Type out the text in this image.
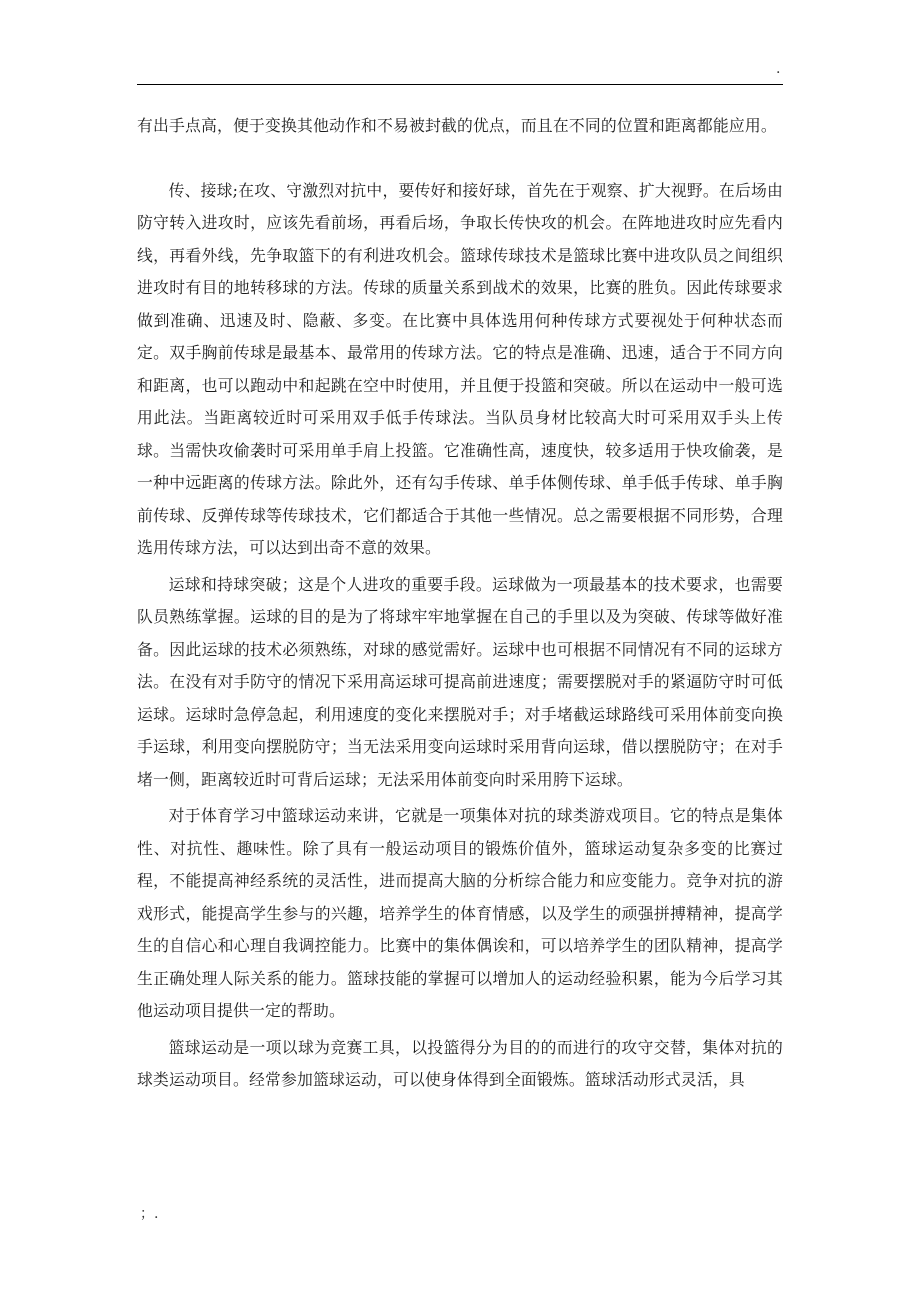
.

有出手点高，便于变换其他动作和不易被封截的优点，而且在不同的位置和距离都能应用。

传、接球;在攻、守激烈对抗中，要传好和接好球，首先在于观察、扩大视野。在后场由防守转入进攻时，应该先看前场，再看后场，争取长传快攻的机会。在阵地进攻时应先看内线，再看外线，先争取篮下的有利进攻机会。篮球传球技术是篮球比赛中进攻队员之间组织进攻时有目的地转移球的方法。传球的质量关系到战术的效果，比赛的胜负。因此传球要求做到准确、迅速及时、隐蔽、多变。在比赛中具体选用何种传球方式要视处于何种状态而定。双手胸前传球是最基本、最常用的传球方法。它的特点是准确、迅速，适合于不同方向和距离，也可以跑动中和起跳在空中时使用，并且便于投篮和突破。所以在运动中一般可选用此法。当距离较近时可采用双手低手传球法。当队员身材比较高大时可采用双手头上传球。当需快攻偷袭时可采用单手肩上投篮。它准确性高，速度快，较多适用于快攻偷袭，是一种中远距离的传球方法。除此外，还有勾手传球、单手体侧传球、单手低手传球、单手胸前传球、反弹传球等传球技术，它们都适合于其他一些情况。总之需要根据不同形势，合理选用传球方法，可以达到出奇不意的效果。

运球和持球突破；这是个人进攻的重要手段。运球做为一项最基本的技术要求，也需要队员熟练掌握。运球的目的是为了将球牢牢地掌握在自己的手里以及为突破、传球等做好准备。因此运球的技术必须熟练，对球的感觉需好。运球中也可根据不同情况有不同的运球方法。在没有对手防守的情况下采用高运球可提高前进速度；需要摆脱对手的紧逼防守时可低运球。运球时急停急起，利用速度的变化来摆脱对手；对手堵截运球路线可采用体前变向换手运球，利用变向摆脱防守；当无法采用变向运球时采用背向运球，借以摆脱防守；在对手堵一侧，距离较近时可背后运球；无法采用体前变向时采用胯下运球。

对于体育学习中篮球运动来讲，它就是一项集体对抗的球类游戏项目。它的特点是集体性、对抗性、趣味性。除了具有一般运动项目的锻炼价值外，篮球运动复杂多变的比赛过程，不能提高神经系统的灵活性，进而提高大脑的分析综合能力和应变能力。竞争对抗的游戏形式，能提高学生参与的兴趣，培养学生的体育情感，以及学生的顽强拼搏精神，提高学生的自信心和心理自我调控能力。比赛中的集体偶诶和，可以培养学生的团队精神，提高学生正确处理人际关系的能力。篮球技能的掌握可以增加人的运动经验积累，能为今后学习其他运动项目提供一定的帮助。

篮球运动是一项以球为竞赛工具，以投篮得分为目的的而进行的攻守交替，集体对抗的球类运动项目。经常参加篮球运动，可以使身体得到全面锻炼。篮球活动形式灵活，具

；.
